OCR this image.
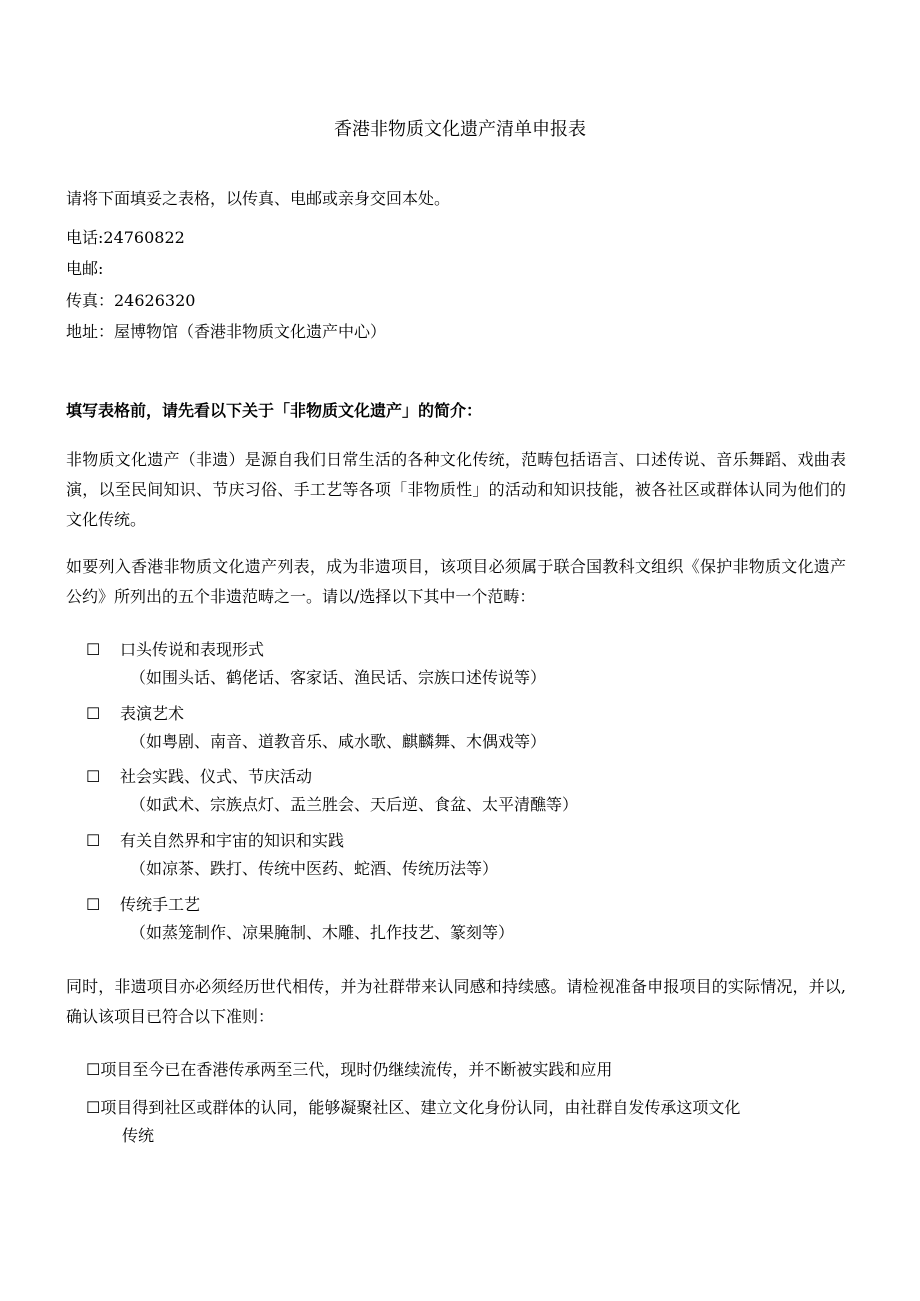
香港非物质文化遗产清单申报表
请将下面填妥之表格，以传真、电邮或亲身交回本处。
电话:24760822
电邮:
传真：24626320
地址：屋博物馆（香港非物质文化遗产中心）
填写表格前，请先看以下关于「非物质文化遗产」的简介：
非物质文化遗产（非遗）是源自我们日常生活的各种文化传统，范畴包括语言、口述传说、音乐舞蹈、戏曲表演，以至民间知识、节庆习俗、手工艺等各项「非物质性」的活动和知识技能，被各社区或群体认同为他们的文化传统。
如要列入香港非物质文化遗产列表，成为非遗项目，该项目必须属于联合国教科文组织《保护非物质文化遗产公约》所列出的五个非遗范畴之一。请以/选择以下其中一个范畴：
☐ 口头传说和表现形式
（如围头话、鹤佬话、客家话、渔民话、宗族口述传说等）
☐ 表演艺术
（如粤剧、南音、道教音乐、咸水歌、麒麟舞、木偶戏等）
☐ 社会实践、仪式、节庆活动
（如武术、宗族点灯、盂兰胜会、天后逆、食盆、太平清醮等）
☐ 有关自然界和宇宙的知识和实践
（如凉茶、跌打、传统中医药、蛇酒、传统历法等）
☐ 传统手工艺
（如蒸笼制作、凉果腌制、木雕、扎作技艺、篆刻等）
同时，非遗项目亦必须经历世代相传，并为社群带来认同感和持续感。请检视准备申报项目的实际情况，并以,确认该项目已符合以下准则：
☐项目至今已在香港传承两至三代，现时仍继续流传，并不断被实践和应用
☐项目得到社区或群体的认同，能够凝聚社区、建立文化身份认同，由社群自发传承这项文化
传统
